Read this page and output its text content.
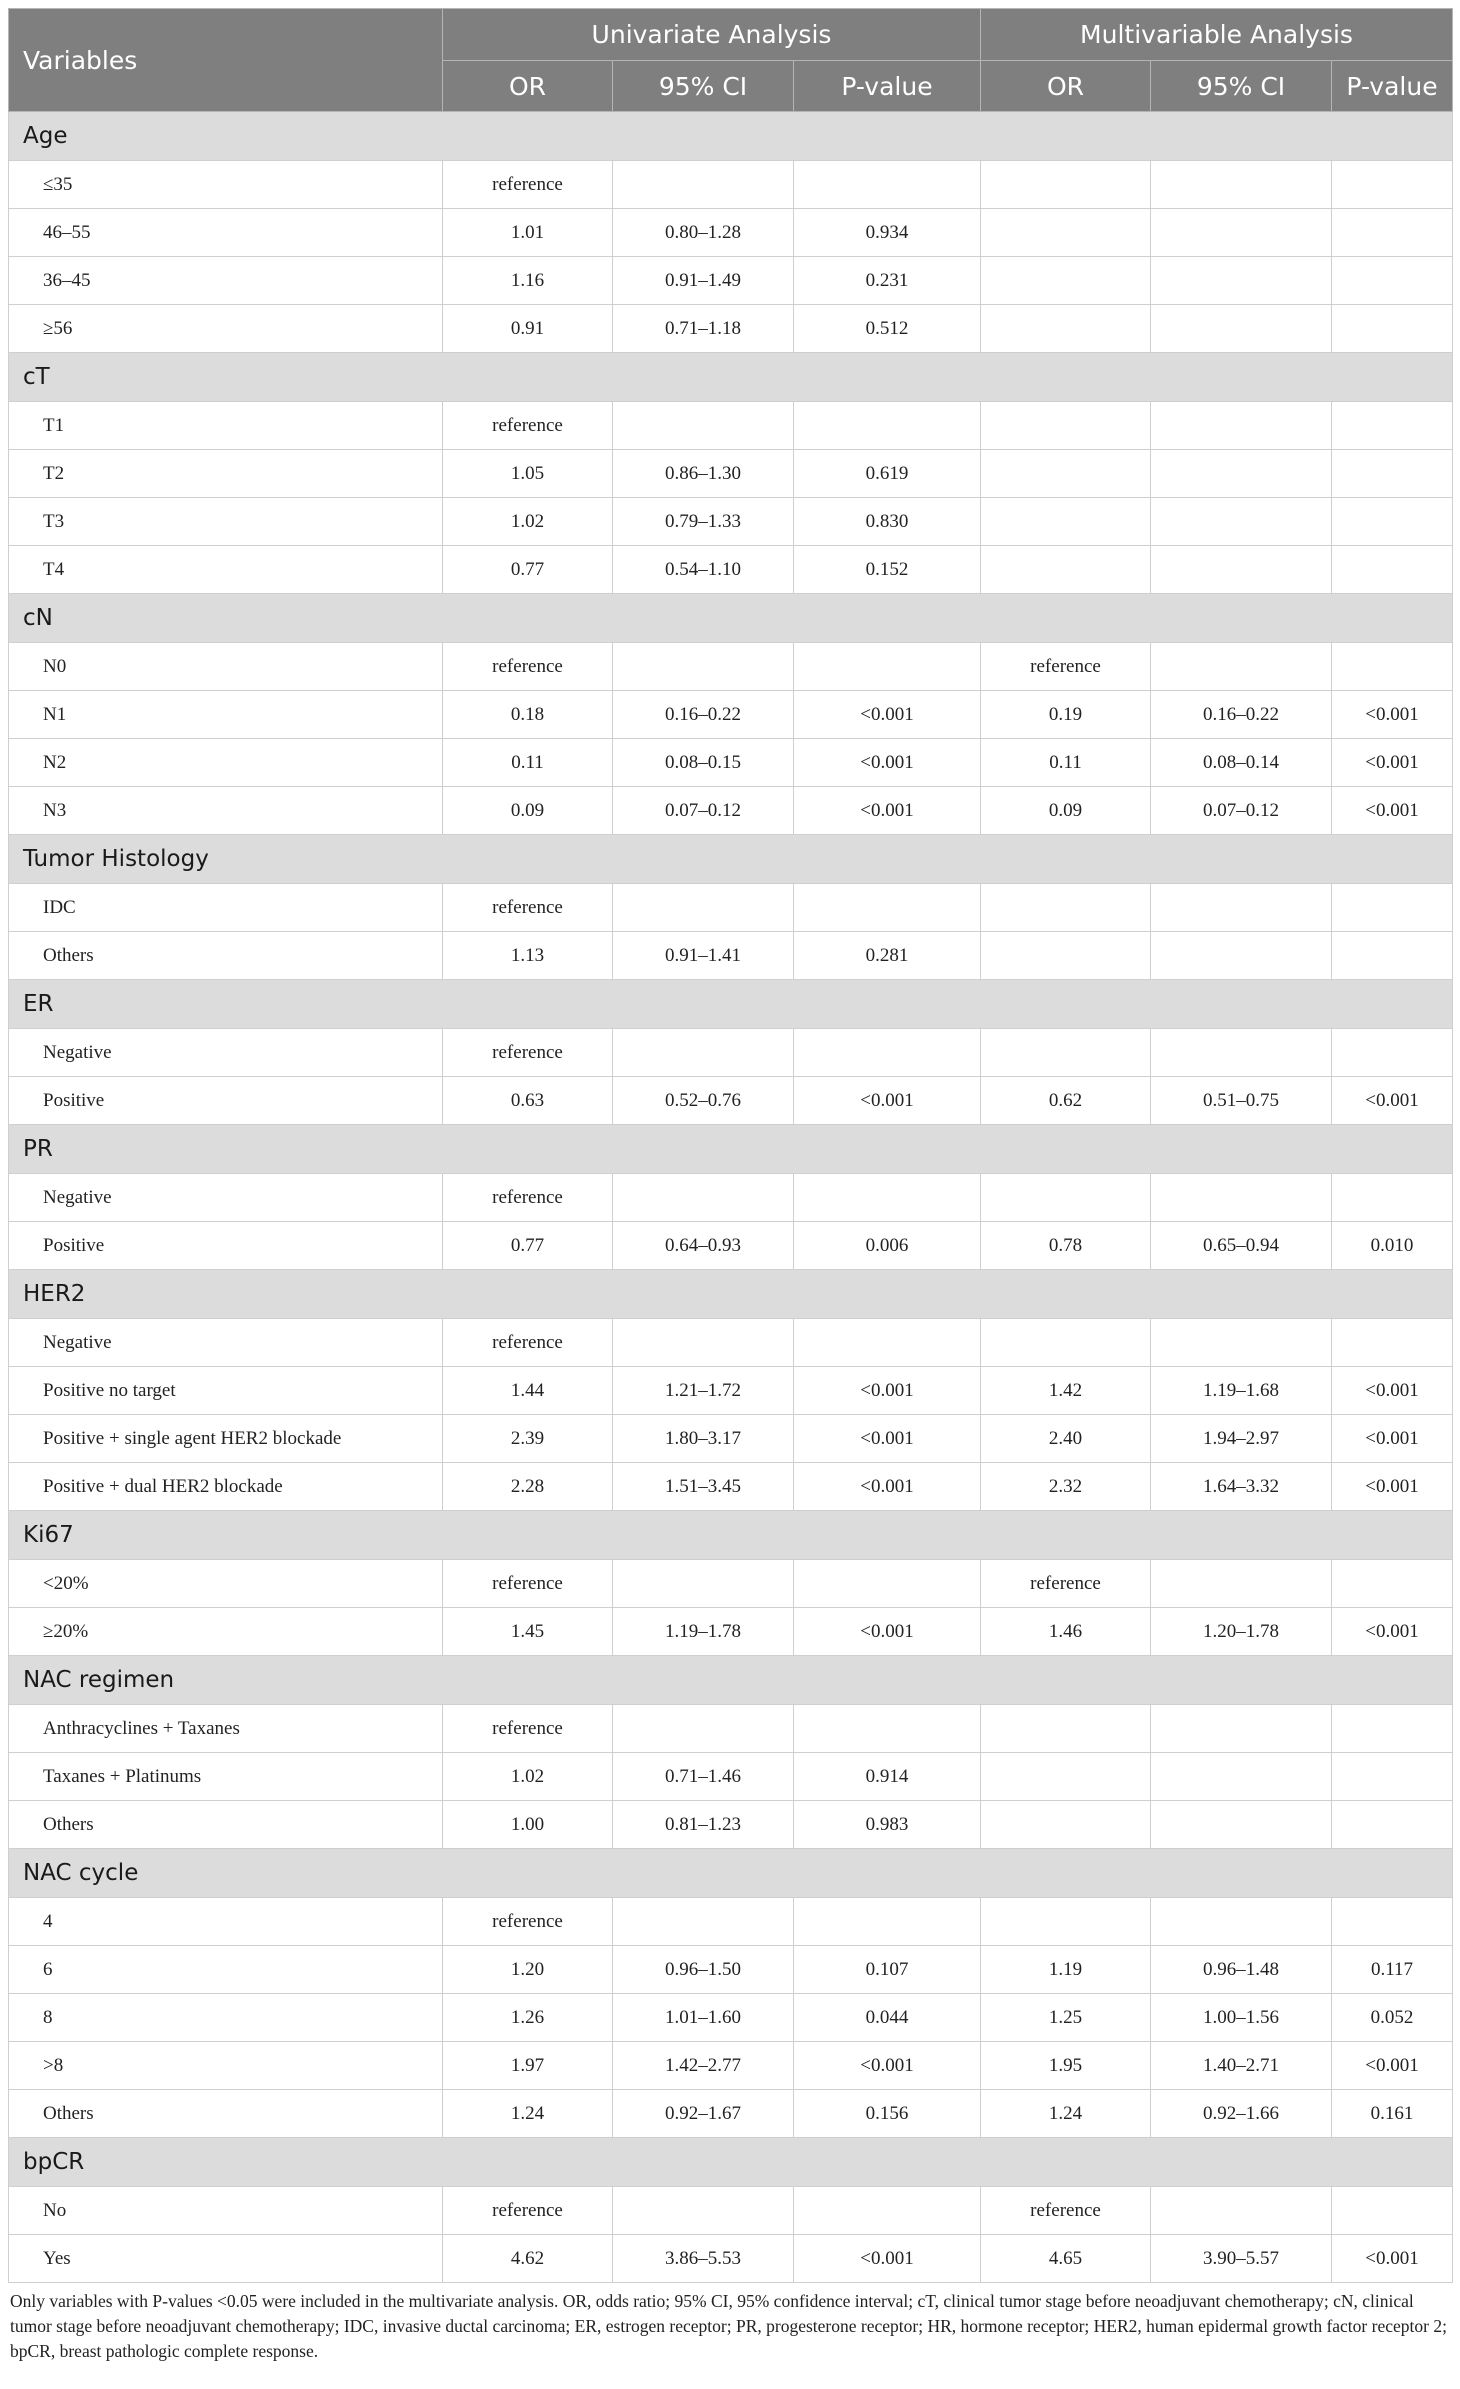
Variables	Univariate Analysis			Multivariable Analysis		
	OR	95% CI	P-value	OR	95% CI	P-value
Age						
≤35	reference					
46–55	1.01	0.80–1.28	0.934			
36–45	1.16	0.91–1.49	0.231			
≥56	0.91	0.71–1.18	0.512			
cT						
T1	reference					
T2	1.05	0.86–1.30	0.619			
T3	1.02	0.79–1.33	0.830			
T4	0.77	0.54–1.10	0.152			
cN						
N0	reference			reference		
N1	0.18	0.16–0.22	<0.001	0.19	0.16–0.22	<0.001
N2	0.11	0.08–0.15	<0.001	0.11	0.08–0.14	<0.001
N3	0.09	0.07–0.12	<0.001	0.09	0.07–0.12	<0.001
Tumor Histology						
IDC	reference					
Others	1.13	0.91–1.41	0.281			
ER						
Negative	reference					
Positive	0.63	0.52–0.76	<0.001	0.62	0.51–0.75	<0.001
PR						
Negative	reference					
Positive	0.77	0.64–0.93	0.006	0.78	0.65–0.94	0.010
HER2						
Negative	reference					
Positive no target	1.44	1.21–1.72	<0.001	1.42	1.19–1.68	<0.001
Positive + single agent HER2 blockade	2.39	1.80–3.17	<0.001	2.40	1.94–2.97	<0.001
Positive + dual HER2 blockade	2.28	1.51–3.45	<0.001	2.32	1.64–3.32	<0.001
Ki67						
<20%	reference			reference		
≥20%	1.45	1.19–1.78	<0.001	1.46	1.20–1.78	<0.001
NAC regimen						
Anthracyclines + Taxanes	reference					
Taxanes + Platinums	1.02	0.71–1.46	0.914			
Others	1.00	0.81–1.23	0.983			
NAC cycle						
4	reference					
6	1.20	0.96–1.50	0.107	1.19	0.96–1.48	0.117
8	1.26	1.01–1.60	0.044	1.25	1.00–1.56	0.052
>8	1.97	1.42–2.77	<0.001	1.95	1.40–2.71	<0.001
Others	1.24	0.92–1.67	0.156	1.24	0.92–1.66	0.161
bpCR						
No	reference			reference		
Yes	4.62	3.86–5.53	<0.001	4.65	3.90–5.57	<0.001
Only variables with P-values <0.05 were included in the multivariate analysis. OR, odds ratio; 95% CI, 95% confidence interval; cT, clinical tumor stage before neoadjuvant chemotherapy; cN, clinical tumor stage before neoadjuvant chemotherapy; IDC, invasive ductal carcinoma; ER, estrogen receptor; PR, progesterone receptor; HR, hormone receptor; HER2, human epidermal growth factor receptor 2; bpCR, breast pathologic complete response.
